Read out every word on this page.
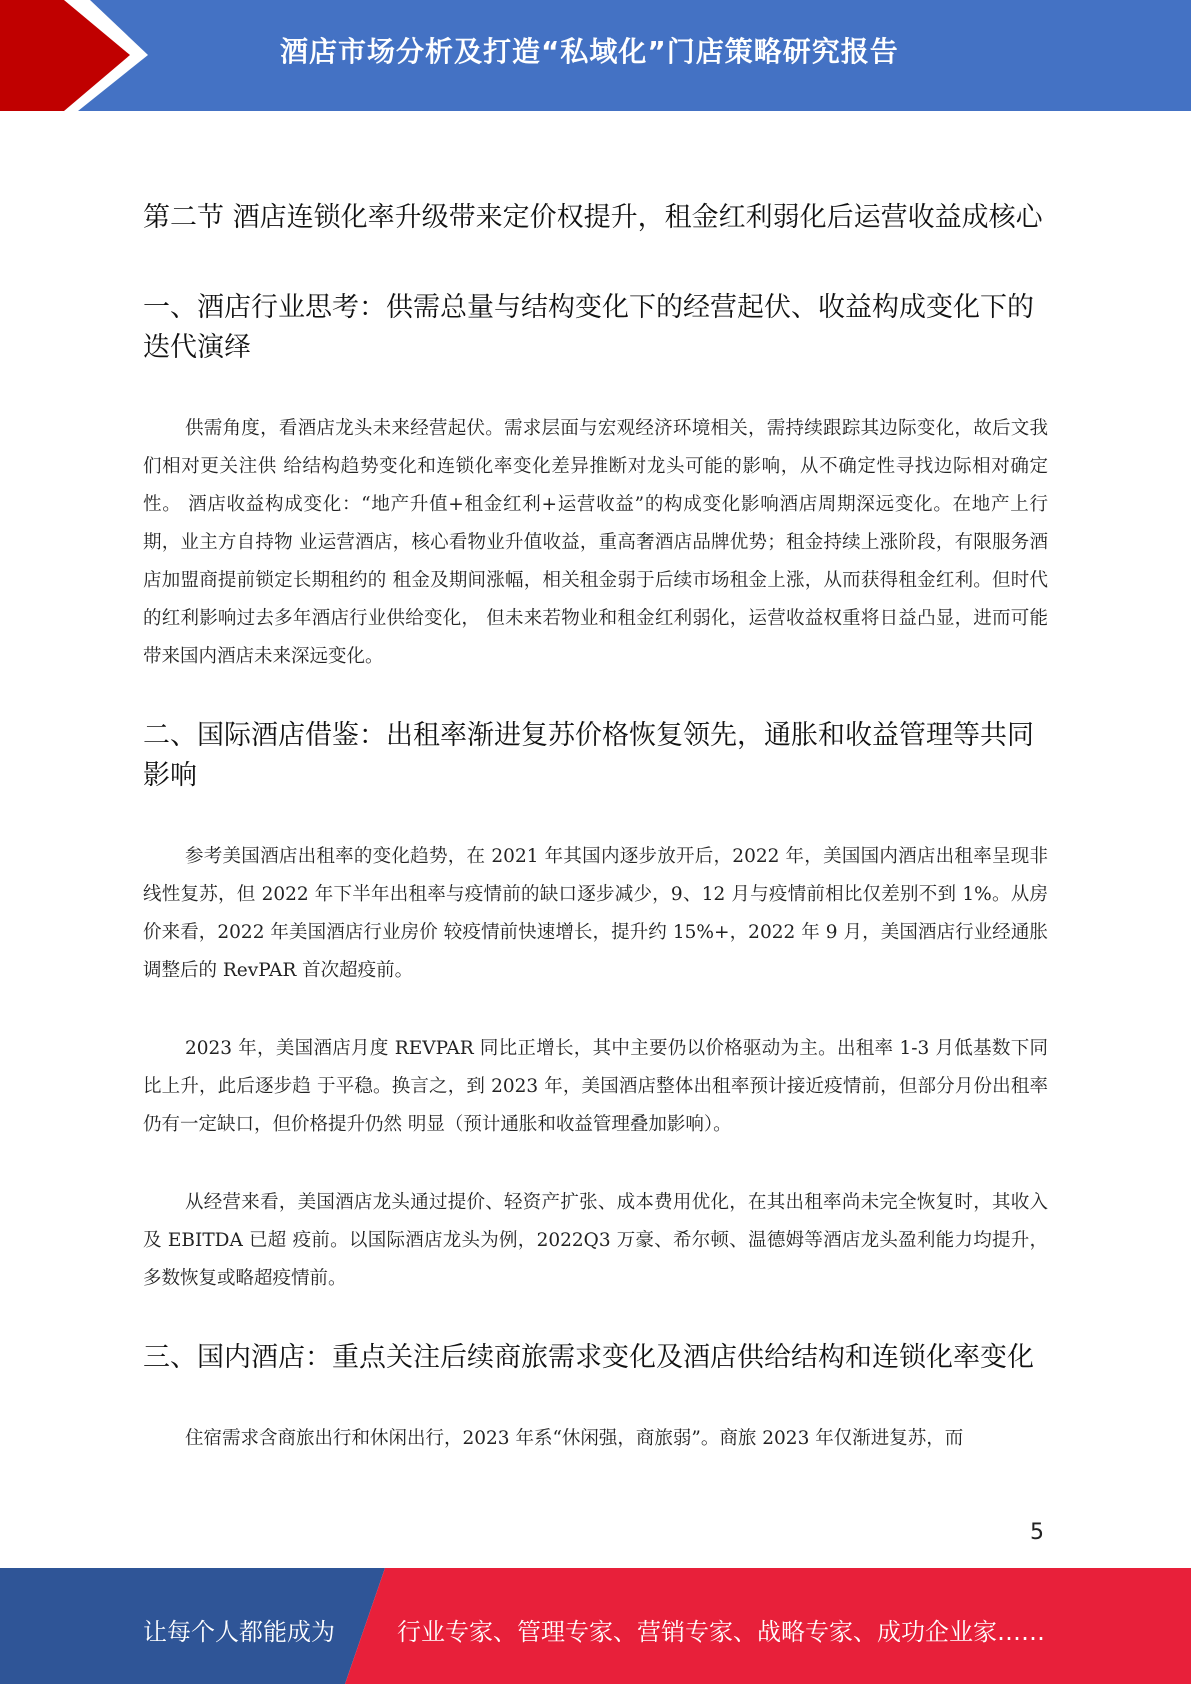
酒店市场分析及打造“私域化”门店策略研究报告
第二节 酒店连锁化率升级带来定价权提升，租金红利弱化后运营收益成核心
一、酒店行业思考：供需总量与结构变化下的经营起伏、收益构成变化下的迭代演绎

供需角度，看酒店龙头未来经营起伏。需求层面与宏观经济环境相关，需持续跟踪其边际变化，故后文我们相对更关注供 给结构趋势变化和连锁化率变化差异推断对龙头可能的影响，从不确定性寻找边际相对确定性。 酒店收益构成变化：“地产升值+租金红利+运营收益”的构成变化影响酒店周期深远变化。在地产上行期，业主方自持物 业运营酒店，核心看物业升值收益，重高奢酒店品牌优势；租金持续上涨阶段，有限服务酒店加盟商提前锁定长期租约的 租金及期间涨幅，相关租金弱于后续市场租金上涨，从而获得租金红利。但时代的红利影响过去多年酒店行业供给变化， 但未来若物业和租金红利弱化，运营收益权重将日益凸显，进而可能带来国内酒店未来深远变化。

二、国际酒店借鉴：出租率渐进复苏价格恢复领先，通胀和收益管理等共同影响

参考美国酒店出租率的变化趋势，在 2021 年其国内逐步放开后，2022 年，美国国内酒店出租率呈现非线性复苏，但 2022 年下半年出租率与疫情前的缺口逐步减少，9、12 月与疫情前相比仅差别不到 1%。从房价来看，2022 年美国酒店行业房价 较疫情前快速增长，提升约 15%+，2022 年 9 月，美国酒店行业经通胀调整后的 RevPAR 首次超疫前。

2023 年，美国酒店月度 REVPAR 同比正增长，其中主要仍以价格驱动为主。出租率 1-3 月低基数下同比上升，此后逐步趋 于平稳。换言之，到 2023 年，美国酒店整体出租率预计接近疫情前，但部分月份出租率仍有一定缺口，但价格提升仍然 明显（预计通胀和收益管理叠加影响）。

从经营来看，美国酒店龙头通过提价、轻资产扩张、成本费用优化，在其出租率尚未完全恢复时，其收入及 EBITDA 已超 疫前。以国际酒店龙头为例，2022Q3 万豪、希尔顿、温德姆等酒店龙头盈利能力均提升，多数恢复或略超疫情前。

三、国内酒店：重点关注后续商旅需求变化及酒店供给结构和连锁化率变化

住宿需求含商旅出行和休闲出行，2023 年系“休闲强，商旅弱”。商旅 2023 年仅渐进复苏，而

5
让每个人都能成为	行业专家、管理专家、营销专家、战略专家、成功企业家……
